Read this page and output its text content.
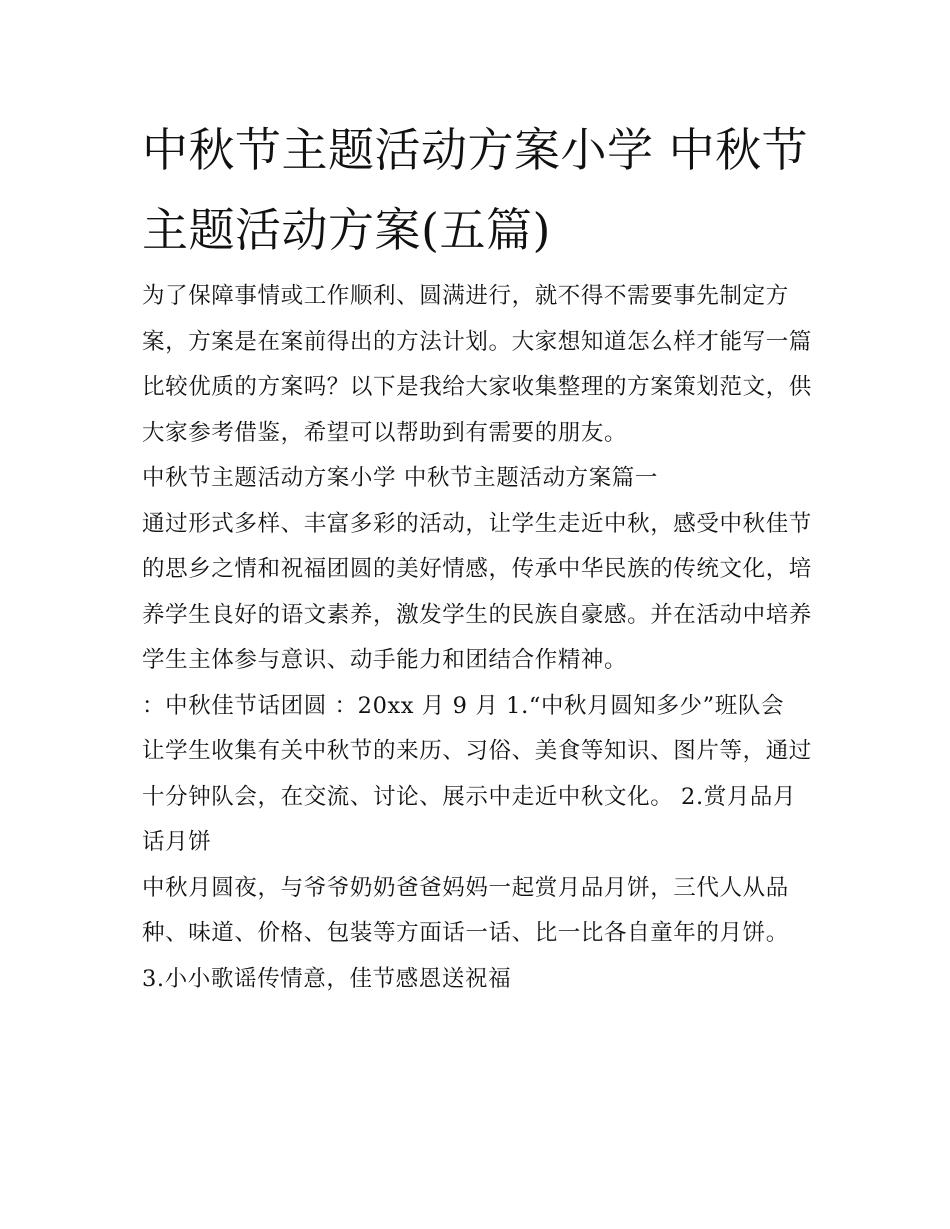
中秋节主题活动方案小学 中秋节主题活动方案(五篇)

为了保障事情或工作顺利、圆满进行，就不得不需要事先制定方案，方案是在案前得出的方法计划。大家想知道怎么样才能写一篇比较优质的方案吗？以下是我给大家收集整理的方案策划范文，供大家参考借鉴，希望可以帮助到有需要的朋友。

中秋节主题活动方案小学 中秋节主题活动方案篇一

通过形式多样、丰富多彩的活动，让学生走近中秋，感受中秋佳节的思乡之情和祝福团圆的美好情感，传承中华民族的传统文化，培养学生良好的语文素养，激发学生的民族自豪感。并在活动中培养学生主体参与意识、动手能力和团结合作精神。

：中秋佳节话团圆 ：20xx 月 9 月 1.“中秋月圆知多少”班队会

让学生收集有关中秋节的来历、习俗、美食等知识、图片等，通过十分钟队会，在交流、讨论、展示中走近中秋文化。 2.赏月品月话月饼

中秋月圆夜，与爷爷奶奶爸爸妈妈一起赏月品月饼，三代人从品种、味道、价格、包装等方面话一话、比一比各自童年的月饼。 3.小小歌谣传情意，佳节感恩送祝福
